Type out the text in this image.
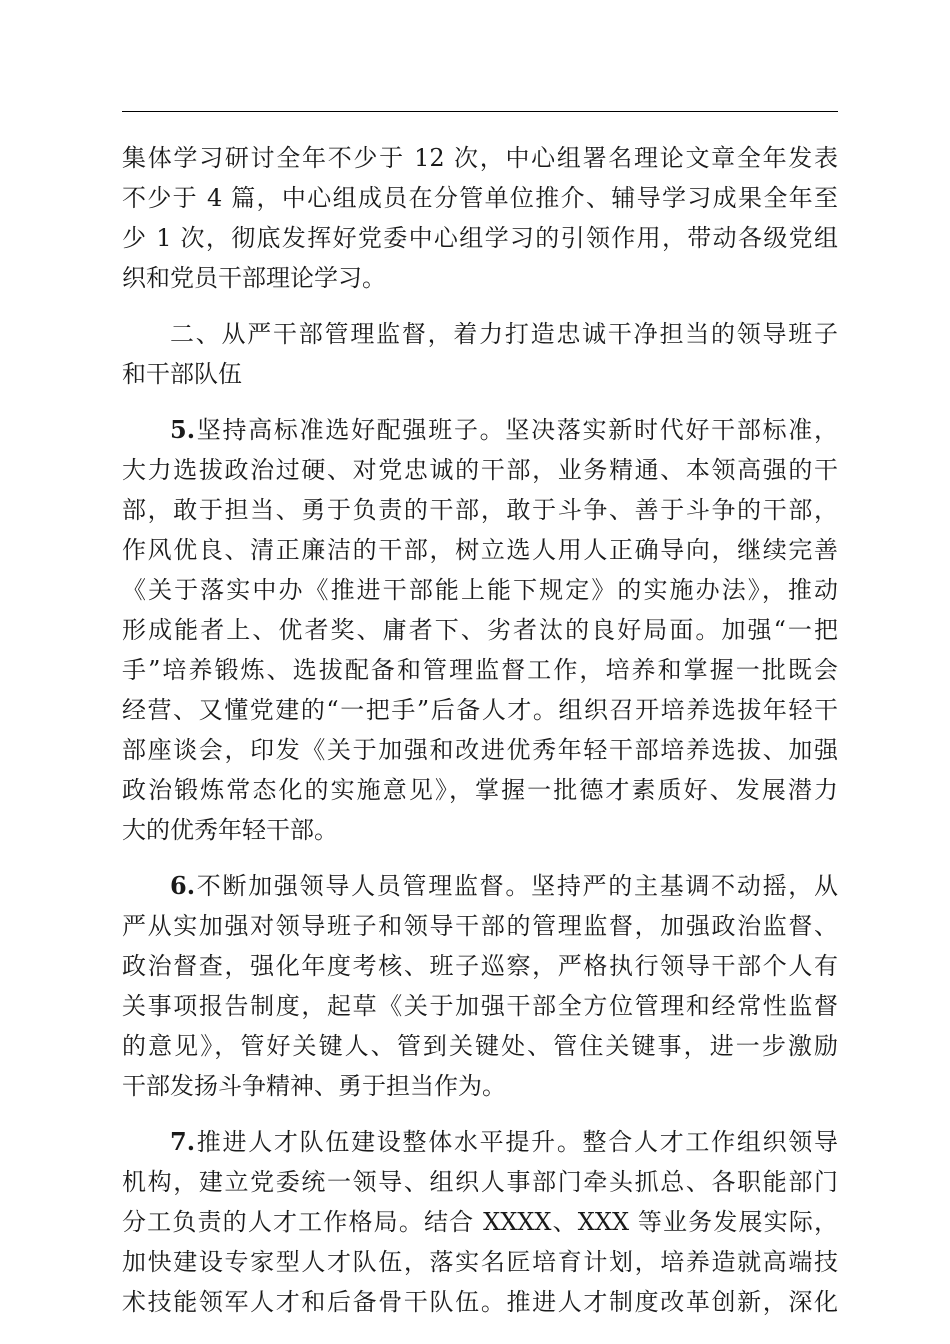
集体学习研讨全年不少于 12 次，中心组署名理论文章全年发表
不少于 4 篇，中心组成员在分管单位推介、辅导学习成果全年至
少 1 次，彻底发挥好党委中心组学习的引领作用，带动各级党组
织和党员干部理论学习。
二、从严干部管理监督，着力打造忠诚干净担当的领导班子
和干部队伍
5.坚持高标准选好配强班子。坚决落实新时代好干部标准，
大力选拔政治过硬、对党忠诚的干部，业务精通、本领高强的干
部，敢于担当、勇于负责的干部，敢于斗争、善于斗争的干部，
作风优良、清正廉洁的干部，树立选人用人正确导向，继续完善
《关于落实中办《推进干部能上能下规定》的实施办法》，推动
形成能者上、优者奖、庸者下、劣者汰的良好局面。加强“一把
手”培养锻炼、选拔配备和管理监督工作，培养和掌握一批既会
经营、又懂党建的“一把手”后备人才。组织召开培养选拔年轻干
部座谈会，印发《关于加强和改进优秀年轻干部培养选拔、加强
政治锻炼常态化的实施意见》，掌握一批德才素质好、发展潜力
大的优秀年轻干部。
6.不断加强领导人员管理监督。坚持严的主基调不动摇，从
严从实加强对领导班子和领导干部的管理监督，加强政治监督、
政治督查，强化年度考核、班子巡察，严格执行领导干部个人有
关事项报告制度，起草《关于加强干部全方位管理和经常性监督
的意见》，管好关键人、管到关键处、管住关键事，进一步激励
干部发扬斗争精神、勇于担当作为。
7.推进人才队伍建设整体水平提升。整合人才工作组织领导
机构，建立党委统一领导、组织人事部门牵头抓总、各职能部门
分工负责的人才工作格局。结合 XXXX、XXX 等业务发展实际，
加快建设专家型人才队伍，落实名匠培育计划，培养造就高端技
术技能领军人才和后备骨干队伍。推进人才制度改革创新，深化
